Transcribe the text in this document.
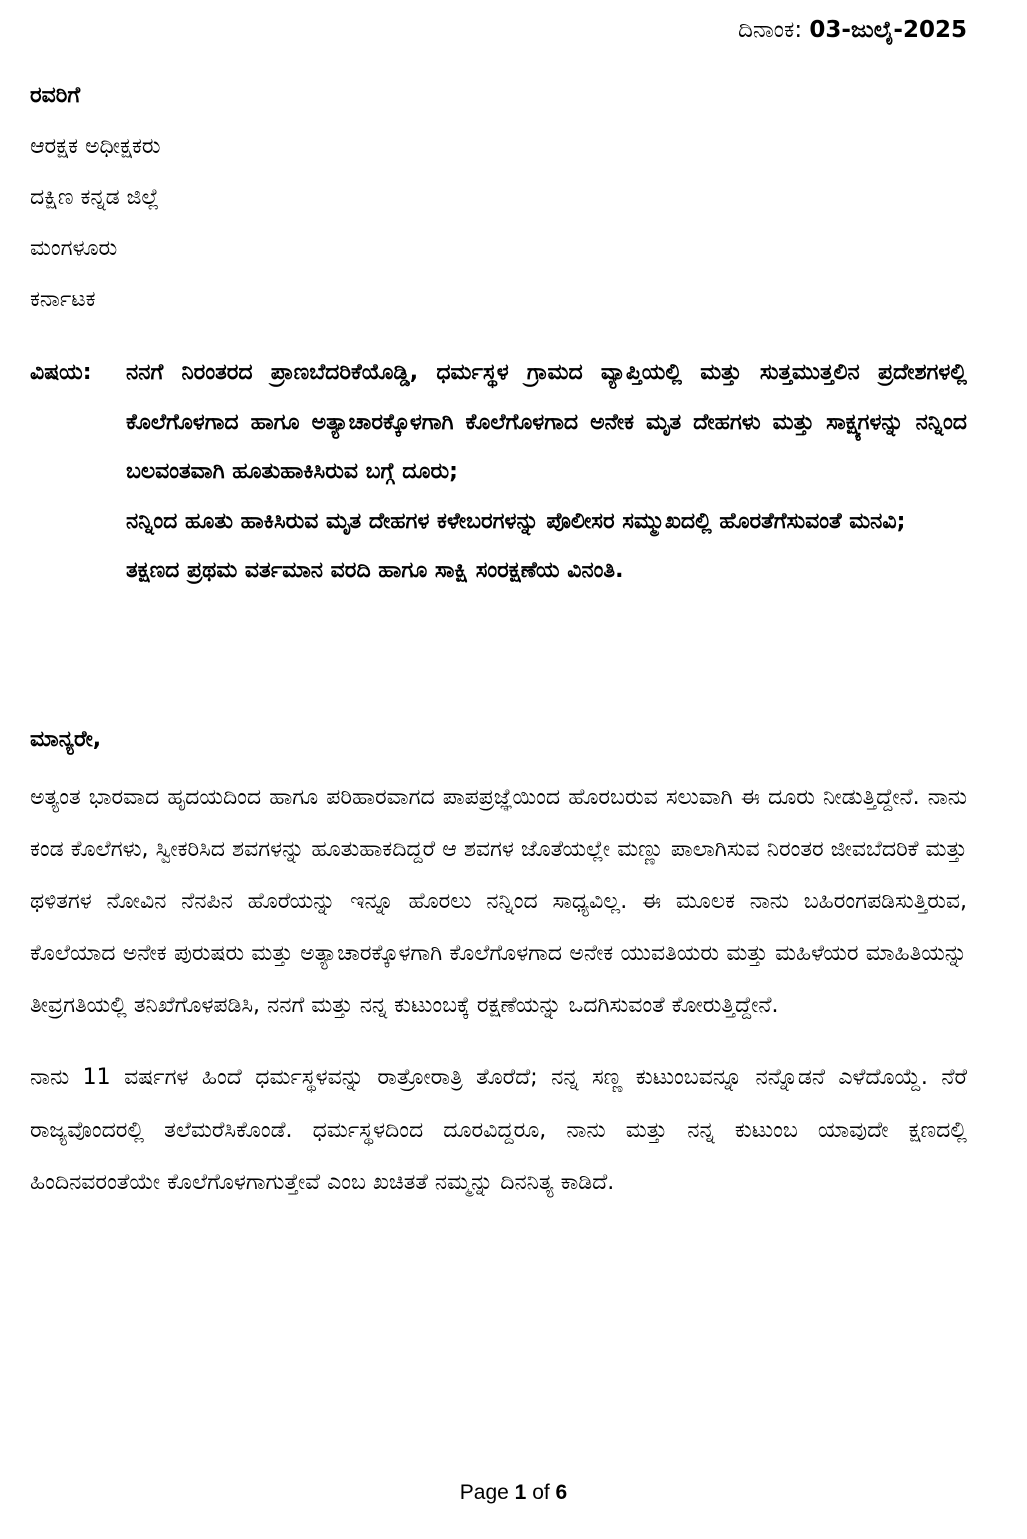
ದಿನಾಂಕ: 03-ಜುಲೈ-2025
ರವರಿಗೆ
ಆರಕ್ಷಕ ಅಧೀಕ್ಷಕರು
ದಕ್ಷಿಣ ಕನ್ನಡ ಜಿಲ್ಲೆ
ಮಂಗಳೂರು
ಕರ್ನಾಟಕ
ವಿಷಯ: ನನಗೆ ನಿರಂತರದ ಪ್ರಾಣಬೆದರಿಕೆಯೊಡ್ಡಿ, ಧರ್ಮಸ್ಥಳ ಗ್ರಾಮದ ವ್ಯಾಪ್ತಿಯಲ್ಲಿ ಮತ್ತು ಸುತ್ತಮುತ್ತಲಿನ ಪ್ರದೇಶಗಳಲ್ಲಿ ಕೊಲೆಗೊಳಗಾದ ಹಾಗೂ ಅತ್ಯಾಚಾರಕ್ಕೊಳಗಾಗಿ ಕೊಲೆಗೊಳಗಾದ ಅನೇಕ ಮೃತ ದೇಹಗಳು ಮತ್ತು ಸಾಕ್ಷ್ಯಗಳನ್ನು ನನ್ನಿಂದ ಬಲವಂತವಾಗಿ ಹೂತುಹಾಕಿಸಿರುವ ಬಗ್ಗೆ ದೂರು;

ನನ್ನಿಂದ ಹೂತು ಹಾಕಿಸಿರುವ ಮೃತ ದೇಹಗಳ ಕಳೇಬರಗಳನ್ನು ಪೊಲೀಸರ ಸಮ್ಮುಖದಲ್ಲಿ ಹೊರತೆಗೆಸುವಂತೆ ಮನವಿ;

ತಕ್ಷಣದ ಪ್ರಥಮ ವರ್ತಮಾನ ವರದಿ ಹಾಗೂ ಸಾಕ್ಷಿ ಸಂರಕ್ಷಣೆಯ ವಿನಂತಿ.

ಮಾನ್ಯರೇ,

ಅತ್ಯಂತ ಭಾರವಾದ ಹೃದಯದಿಂದ ಹಾಗೂ ಪರಿಹಾರವಾಗದ ಪಾಪಪ್ರಜ್ಞೆಯಿಂದ ಹೊರಬರುವ ಸಲುವಾಗಿ ಈ ದೂರು ನೀಡುತ್ತಿದ್ದೇನೆ. ನಾನು ಕಂಡ ಕೊಲೆಗಳು, ಸ್ವೀಕರಿಸಿದ ಶವಗಳನ್ನು ಹೂತುಹಾಕದಿದ್ದರೆ ಆ ಶವಗಳ ಜೊತೆಯಲ್ಲೇ ಮಣ್ಣು ಪಾಲಾಗಿಸುವ ನಿರಂತರ ಜೀವಬೆದರಿಕೆ ಮತ್ತು ಥಳಿತಗಳ ನೋವಿನ ನೆನಪಿನ ಹೊರೆಯನ್ನು ಇನ್ನೂ ಹೊರಲು ನನ್ನಿಂದ ಸಾಧ್ಯವಿಲ್ಲ. ಈ ಮೂಲಕ ನಾನು ಬಹಿರಂಗಪಡಿಸುತ್ತಿರುವ, ಕೊಲೆಯಾದ ಅನೇಕ ಪುರುಷರು ಮತ್ತು ಅತ್ಯಾಚಾರಕ್ಕೊಳಗಾಗಿ ಕೊಲೆಗೊಳಗಾದ ಅನೇಕ ಯುವತಿಯರು ಮತ್ತು ಮಹಿಳೆಯರ ಮಾಹಿತಿಯನ್ನು ತೀವ್ರಗತಿಯಲ್ಲಿ ತನಿಖೆಗೊಳಪಡಿಸಿ, ನನಗೆ ಮತ್ತು ನನ್ನ ಕುಟುಂಬಕ್ಕೆ ರಕ್ಷಣೆಯನ್ನು ಒದಗಿಸುವಂತೆ ಕೋರುತ್ತಿದ್ದೇನೆ.

ನಾನು 11 ವರ್ಷಗಳ ಹಿಂದೆ ಧರ್ಮಸ್ಥಳವನ್ನು ರಾತ್ರೋರಾತ್ರಿ ತೊರೆದೆ; ನನ್ನ ಸಣ್ಣ ಕುಟುಂಬವನ್ನೂ ನನ್ನೊಡನೆ ಎಳೆದೊಯ್ದೆ. ನೆರೆ ರಾಜ್ಯವೊಂದರಲ್ಲಿ ತಲೆಮರೆಸಿಕೊಂಡೆ. ಧರ್ಮಸ್ಥಳದಿಂದ ದೂರವಿದ್ದರೂ, ನಾನು ಮತ್ತು ನನ್ನ ಕುಟುಂಬ ಯಾವುದೇ ಕ್ಷಣದಲ್ಲಿ ಹಿಂದಿನವರಂತೆಯೇ ಕೊಲೆಗೊಳಗಾಗುತ್ತೇವೆ ಎಂಬ ಖಚಿತತೆ ನಮ್ಮನ್ನು ದಿನನಿತ್ಯ ಕಾಡಿದೆ.

Page 1 of 6
